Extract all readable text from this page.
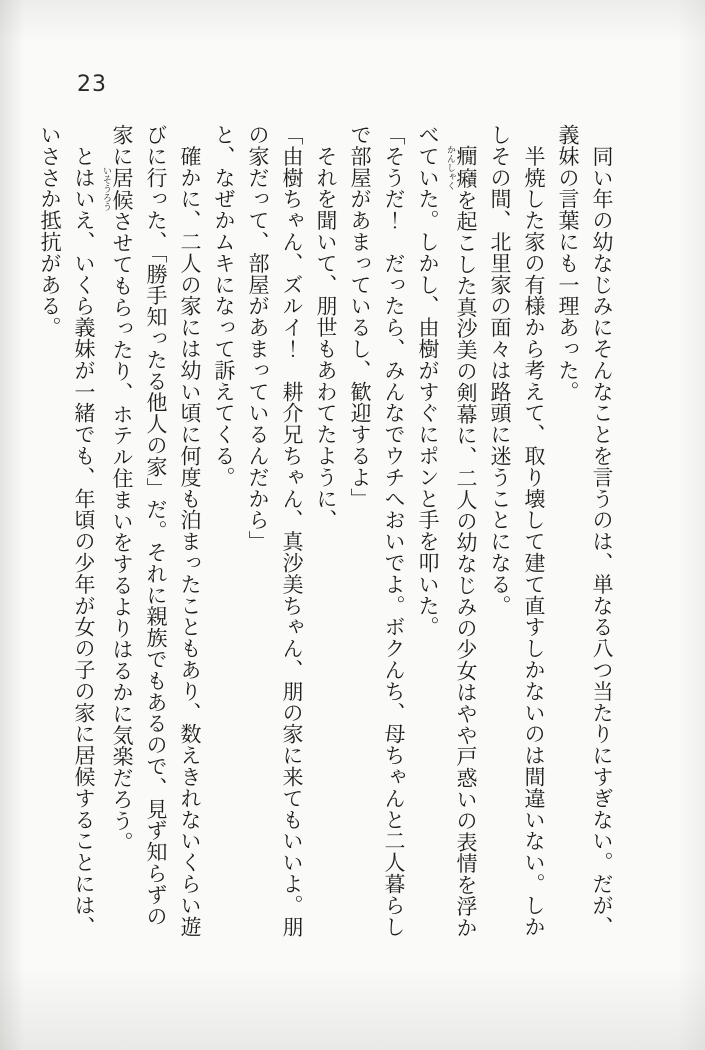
23

　同い年の幼なじみにそんなことを言うのは、単なる八つ当たりにすぎない。だが、

義妹の言葉にも一理あった。

　半焼した家の有様から考えて、取り壊して建て直すしかないのは間違いない。しか

しその間、北里家の面々は路頭に迷うことになる。

　癇癪かんしゃくを起こした真沙美の剣幕に、二人の幼なじみの少女はやや戸惑いの表情を浮か

べていた。しかし、由樹がすぐにポンと手を叩いた。

「そうだ！　だったら、みんなでウチへおいでよ。ボクんち、母ちゃんと二人暮らし

で部屋があまっているし、歓迎するよ」

　それを聞いて、朋世もあわてたように、

「由樹ちゃん、ズルイ！　耕介兄ちゃん、真沙美ちゃん、朋の家に来てもいいよ。朋

の家だって、部屋があまっているんだから」

と、なぜかムキになって訴えてくる。

　確かに、二人の家には幼い頃に何度も泊まったこともあり、数えきれないくらい遊

びに行った、「勝手知ったる他人の家」だ。それに親族でもあるので、見ず知らずの

家に居候いそうろうさせてもらったり、ホテル住まいをするよりはるかに気楽だろう。

　とはいえ、いくら義妹が一緒でも、年頃の少年が女の子の家に居候することには、

いささか抵抗がある。
